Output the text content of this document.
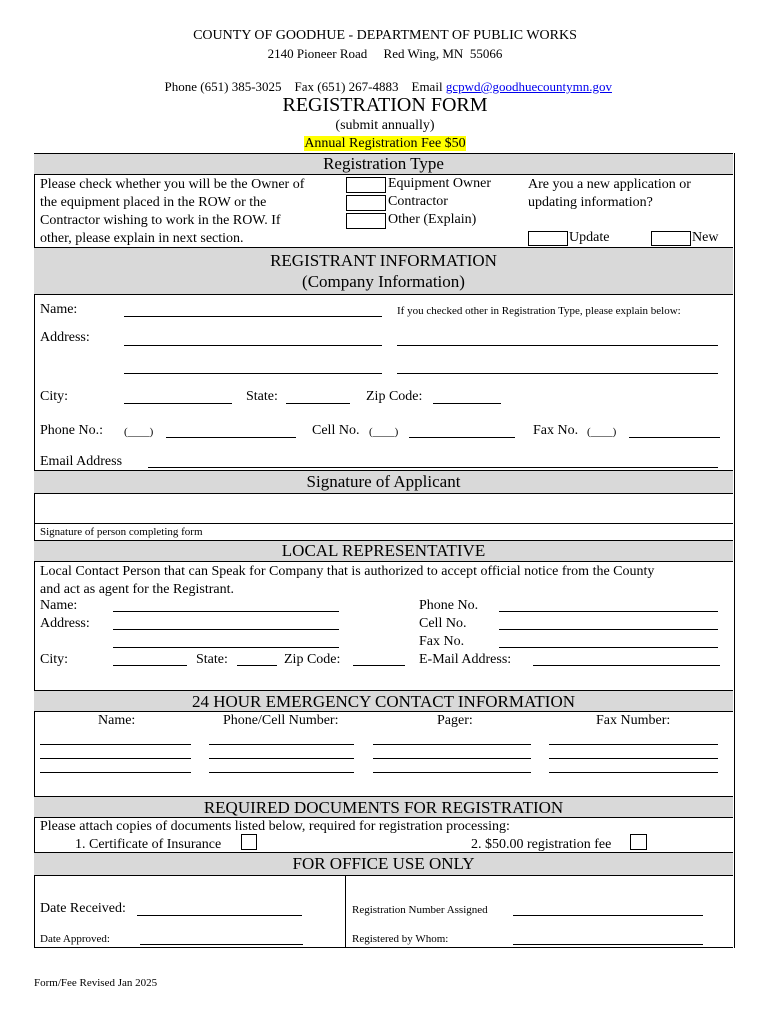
COUNTY OF GOODHUE - DEPARTMENT OF PUBLIC WORKS
2140 Pioneer Road     Red Wing, MN  55066

Phone (651) 385-3025    Fax (651) 267-4883    Email gcpwd@goodhuecountymn.gov

REGISTRATION FORM
(submit annually)
Annual Registration Fee $50
Registration Type
Please check whether you will be the Owner of
the equipment placed in the ROW or the
Contractor wishing to work in the ROW. If
other, please explain in next section.
Equipment Owner
Contractor
Other (Explain)
Are you a new application or
updating information?
Update	New
REGISTRANT INFORMATION
(Company Information)
Name:	If you checked other in Registration Type, please explain below:
Address:
City:	State:	Zip Code:
Phone No.: (____)	Cell No. (____)	Fax No. (____)
Email Address
Signature of Applicant
Signature of person completing form
LOCAL REPRESENTATIVE
Local Contact Person that can Speak for Company that is authorized to accept official notice from the County
and act as agent for the Registrant.
Name:
Address:
City:	State:	Zip Code:
Phone No.
Cell No.
Fax No.
E-Mail Address:
24 HOUR EMERGENCY CONTACT INFORMATION
Name:	Phone/Cell Number:	Pager:	Fax Number:
REQUIRED DOCUMENTS FOR REGISTRATION
Please attach copies of documents listed below, required for registration processing:
1. Certificate of Insurance	2. $50.00 registration fee
FOR OFFICE USE ONLY
Date Received:
Date Approved:
Registration Number Assigned
Registered by Whom:
Form/Fee Revised Jan 2025
